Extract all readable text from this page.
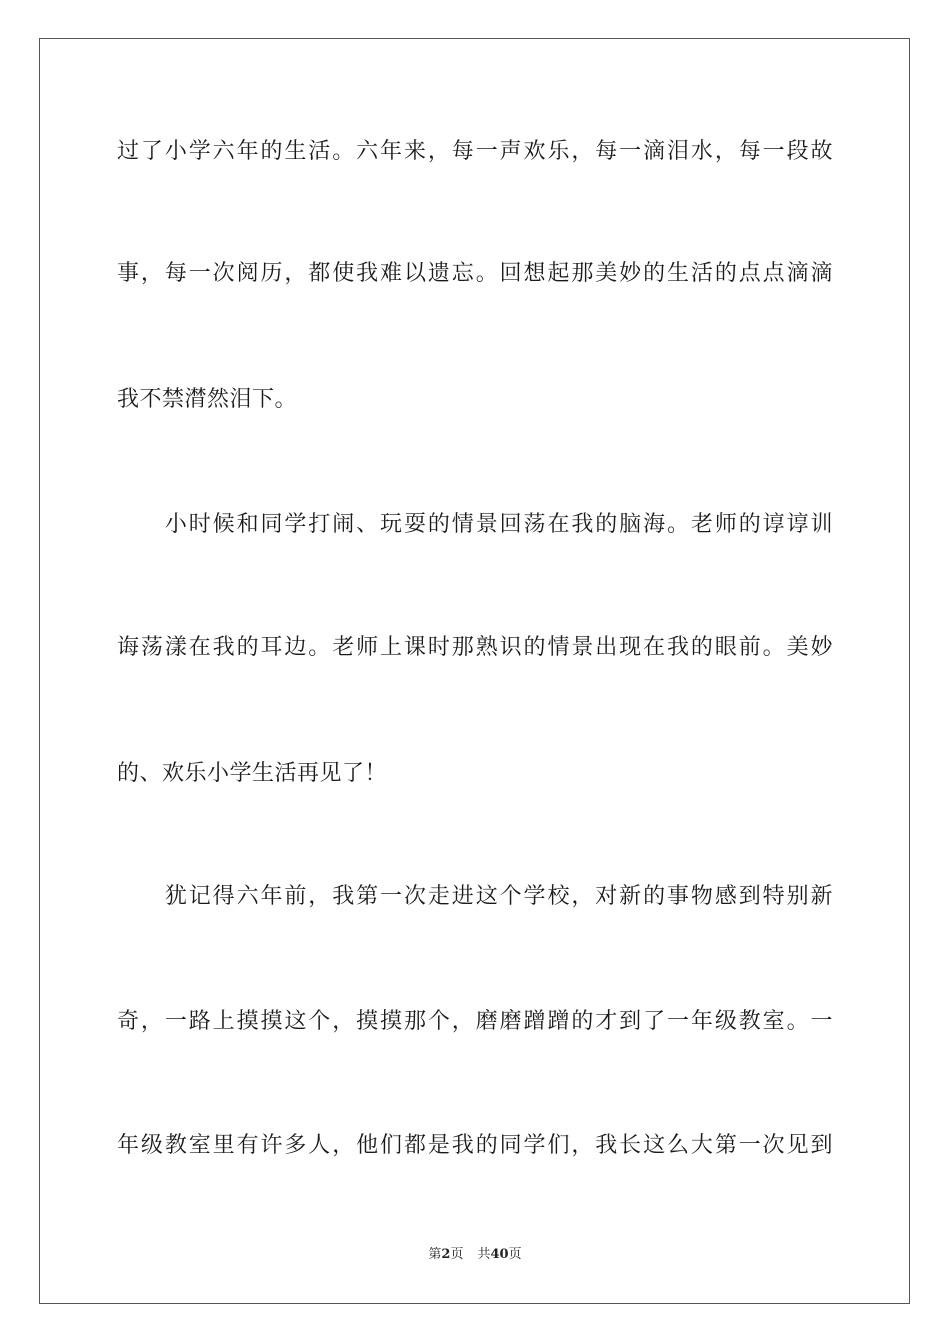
过了小学六年的生活。六年来，每一声欢乐，每一滴泪水，每一段故
事，每一次阅历，都使我难以遗忘。回想起那美妙的生活的点点滴滴
我不禁潸然泪下。
　　小时候和同学打闹、玩耍的情景回荡在我的脑海。老师的谆谆训
诲荡漾在我的耳边。老师上课时那熟识的情景出现在我的眼前。美妙
的、欢乐小学生活再见了！
　　犹记得六年前，我第一次走进这个学校，对新的事物感到特别新
奇，一路上摸摸这个，摸摸那个，磨磨蹭蹭的才到了一年级教室。一
年级教室里有许多人，他们都是我的同学们，我长这么大第一次见到
第2页 共40页
